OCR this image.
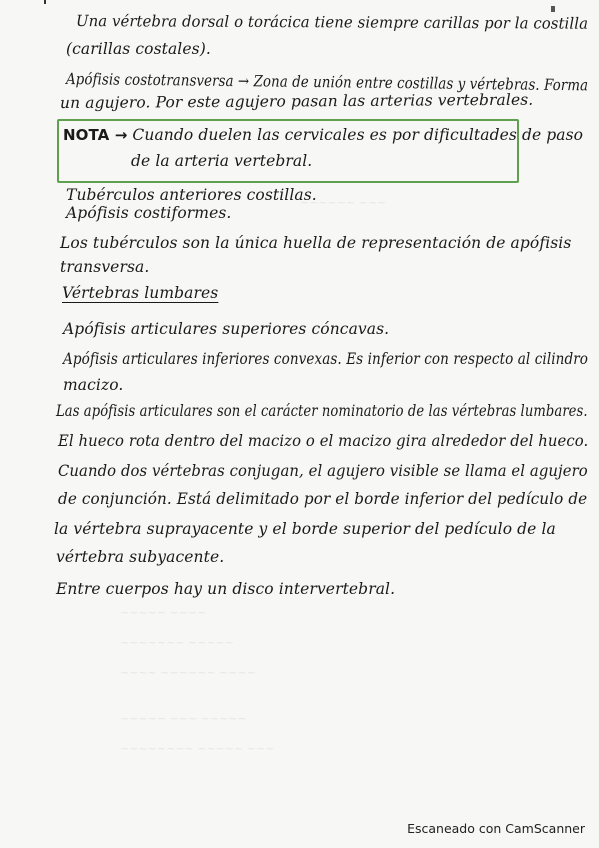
~~~~~~ ~~~
~~~~~ ~~~~
~~~~~~~ ~~~~~
~~~~ ~~~~~~ ~~~~
~~~~~ ~~~ ~~~~~
~~~~~~~~ ~~~~~ ~~~
Una vértebra dorsal o torácica tiene siempre carillas por la costilla
(carillas costales).
Apófisis costotransversa → Zona de unión entre costillas y vértebras. Forma
un agujero. Por este agujero pasan las arterias vertebrales.
NOTA → Cuando duelen las cervicales es por dificultades de paso
de la arteria vertebral.
Tubérculos anteriores costillas.
Apófisis costiformes.
Los tubérculos son la única huella de representación de apófisis
transversa.
Vértebras lumbares
Apófisis articulares superiores cóncavas.
Apófisis articulares inferiores convexas. Es inferior con respecto al cilindro
macizo.
Las apófisis articulares son el carácter nominatorio de las vértebras lumbares.
El hueco rota dentro del macizo o el macizo gira alrededor del hueco.
Cuando dos vértebras conjugan, el agujero visible se llama el agujero
de conjunción. Está delimitado por el borde inferior del pedículo de
la vértebra suprayacente y el borde superior del pedículo de la
vértebra subyacente.
Entre cuerpos hay un disco intervertebral.
Escaneado con CamScanner
